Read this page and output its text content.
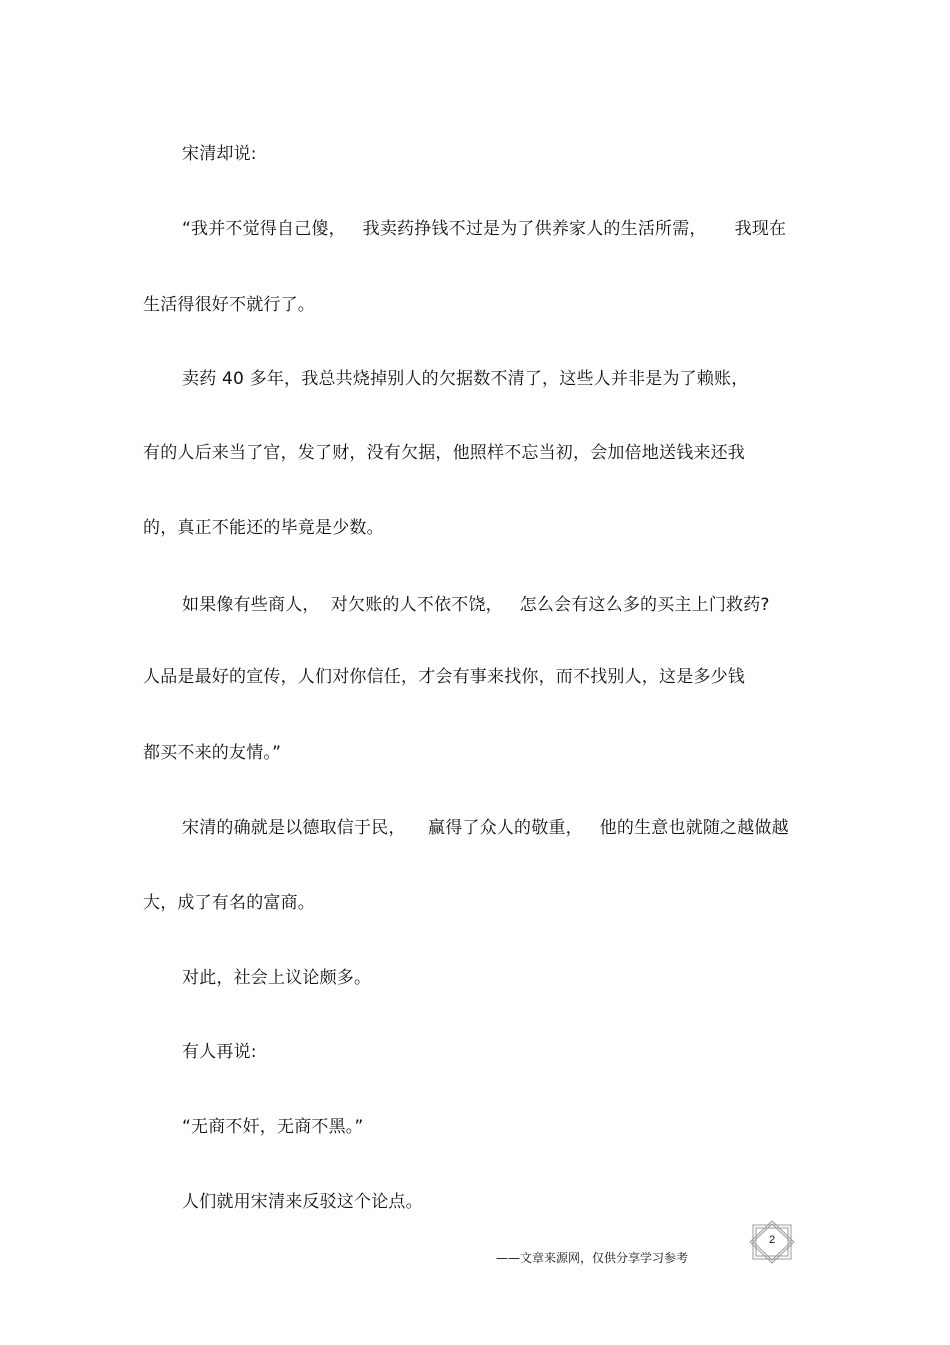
宋清却说:
“我并不觉得自己傻，   我卖药挣钱不过是为了供养家人的生活所需，     我现在
生活得很好不就行了。
卖药 40 多年，我总共烧掉别人的欠据数不清了，这些人并非是为了赖账，
有的人后来当了官，发了财，没有欠据，他照样不忘当初，会加倍地送钱来还我
的，真正不能还的毕竟是少数。
如果像有些商人，  对欠账的人不依不饶，   怎么会有这么多的买主上门救药?
人品是最好的宣传，人们对你信任，才会有事来找你，而不找别人，这是多少钱
都买不来的友情。”
宋清的确就是以德取信于民，    赢得了众人的敬重，   他的生意也就随之越做越
大，成了有名的富商。
对此，社会上议论颇多。
有人再说:
“无商不奸，无商不黑。”
人们就用宋清来反驳这个论点。
2
——文章来源网，仅供分享学习参考
